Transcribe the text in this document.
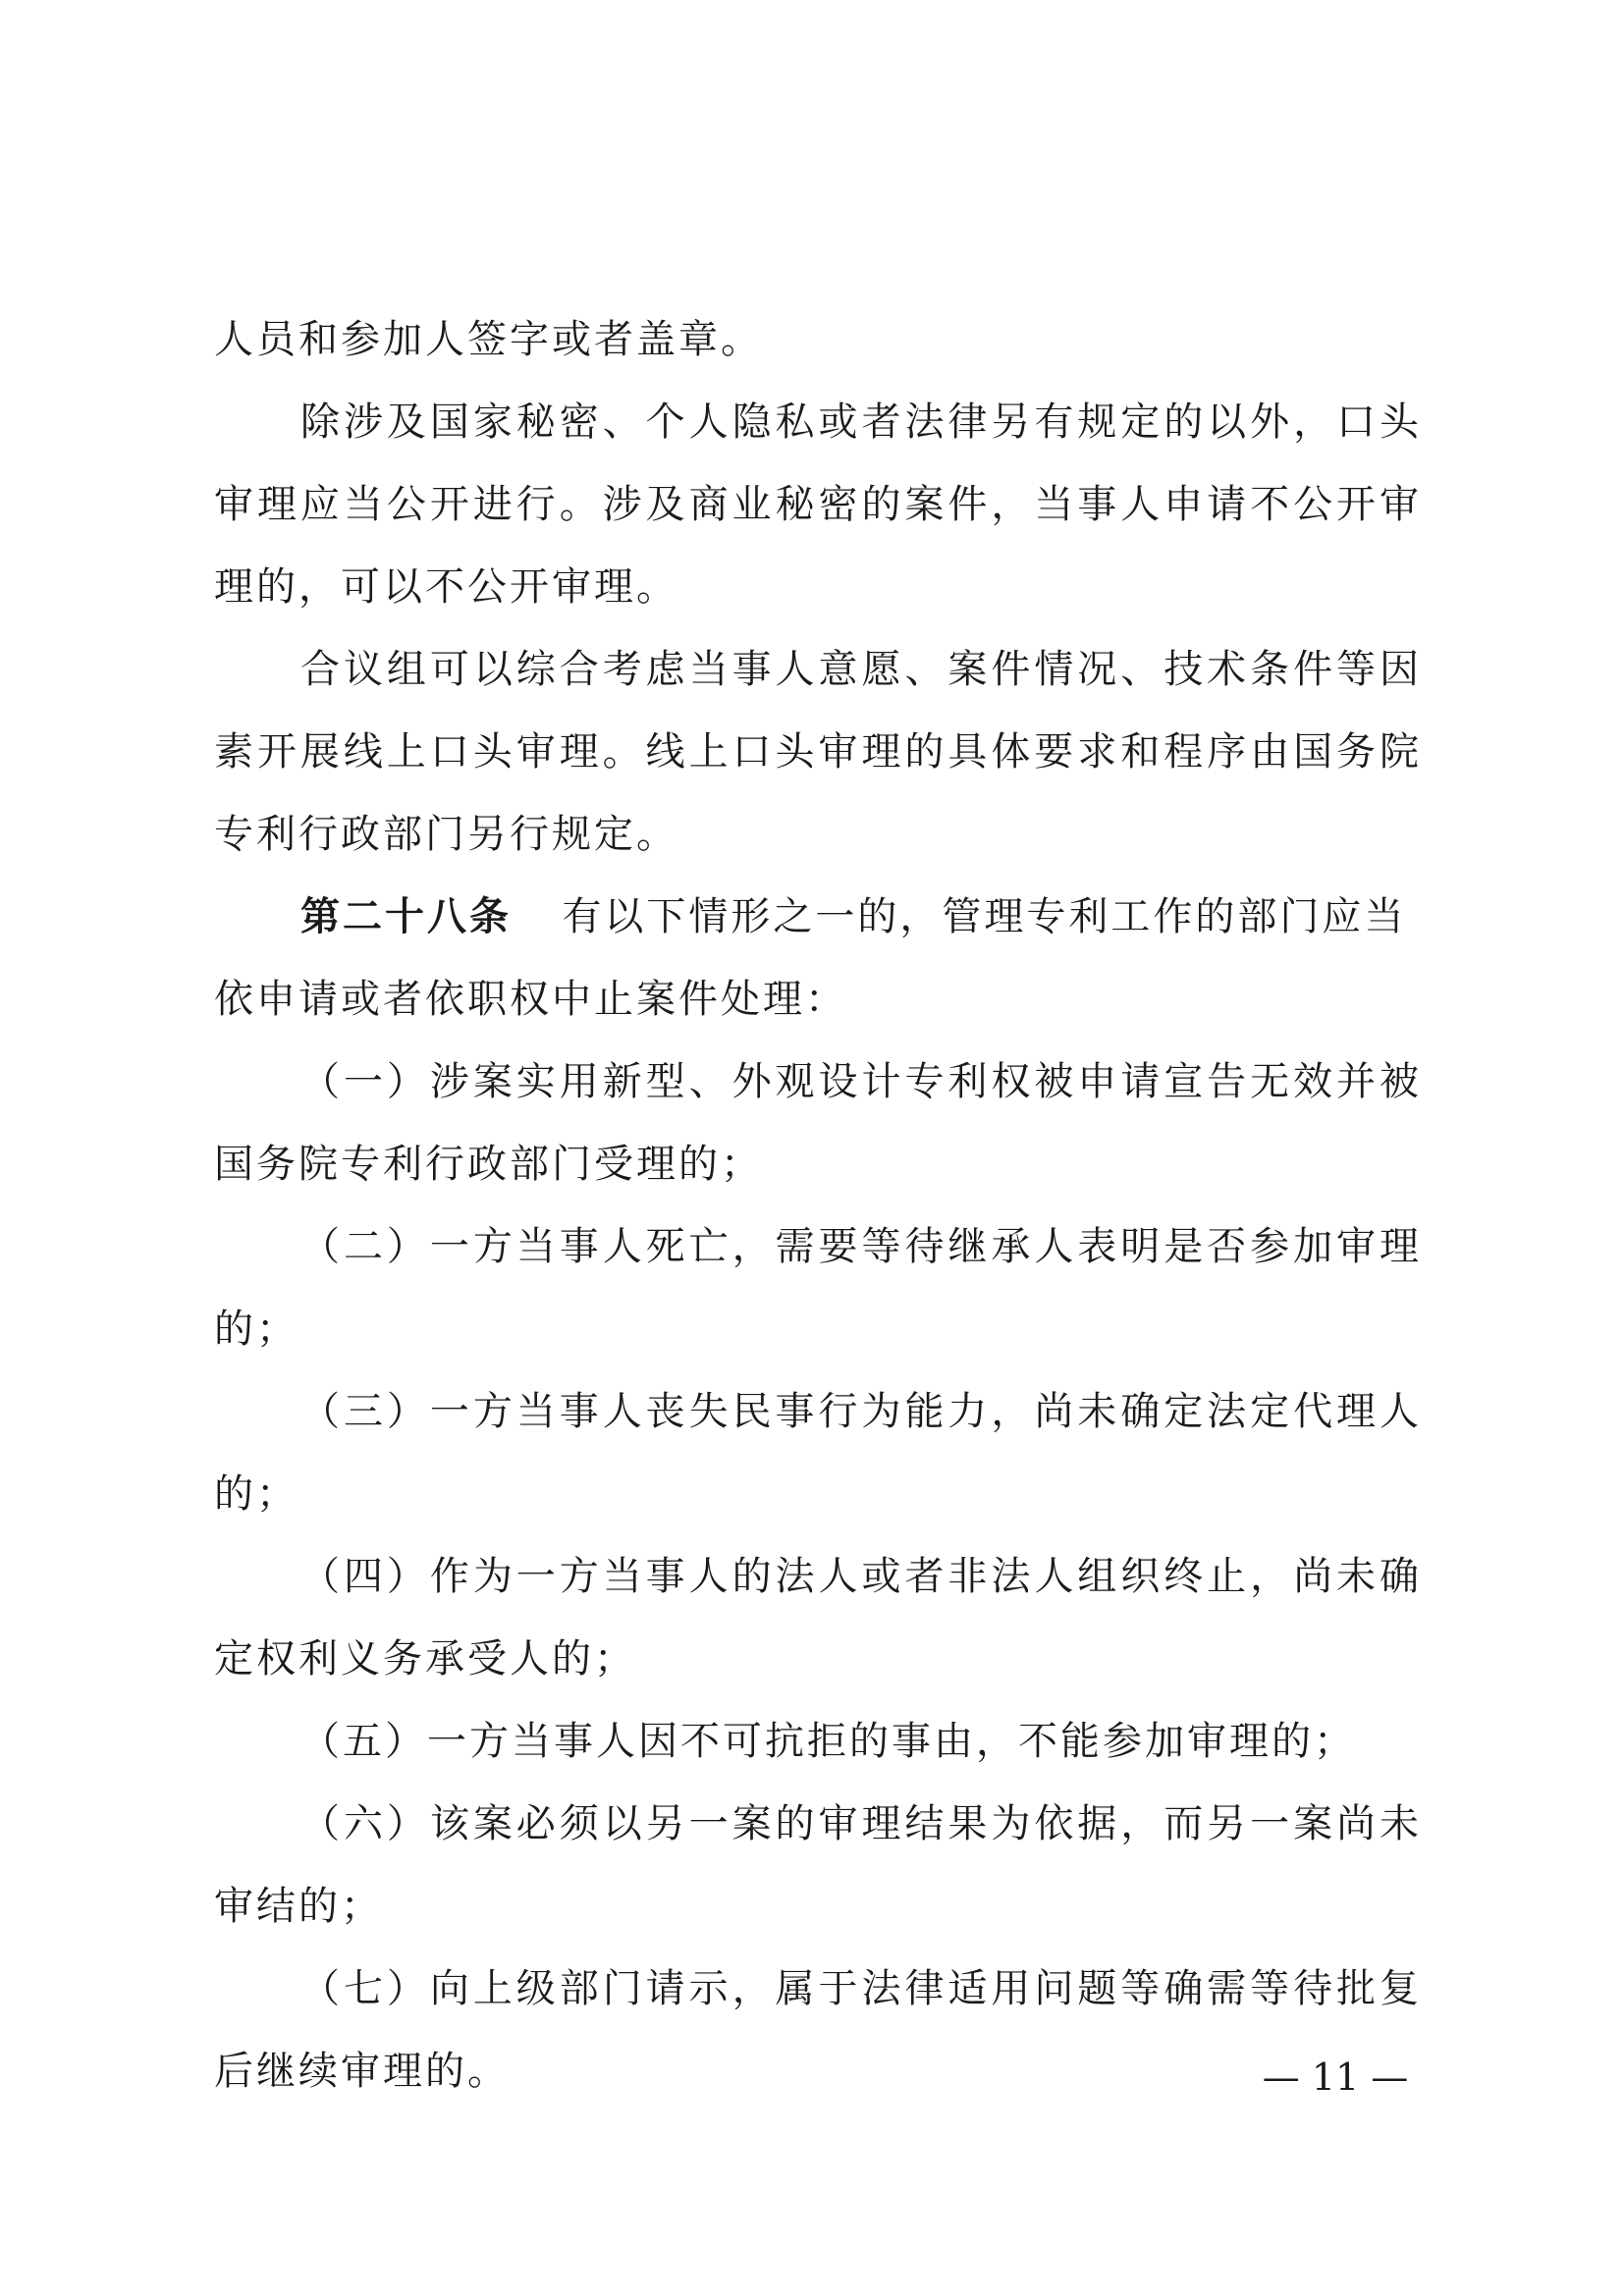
人员和参加人签字或者盖章。
除涉及国家秘密、个人隐私或者法律另有规定的以外，口头
审理应当公开进行。涉及商业秘密的案件，当事人申请不公开审
理的，可以不公开审理。
合议组可以综合考虑当事人意愿、案件情况、技术条件等因
素开展线上口头审理。线上口头审理的具体要求和程序由国务院
专利行政部门另行规定。
第二十八条 有以下情形之一的，管理专利工作的部门应当
依申请或者依职权中止案件处理：
（一）涉案实用新型、外观设计专利权被申请宣告无效并被
国务院专利行政部门受理的；
（二）一方当事人死亡，需要等待继承人表明是否参加审理
的；
（三）一方当事人丧失民事行为能力，尚未确定法定代理人
的；
（四）作为一方当事人的法人或者非法人组织终止，尚未确
定权利义务承受人的；
（五）一方当事人因不可抗拒的事由，不能参加审理的；
（六）该案必须以另一案的审理结果为依据，而另一案尚未
审结的；
（七）向上级部门请示，属于法律适用问题等确需等待批复
后继续审理的。	— 11 —
